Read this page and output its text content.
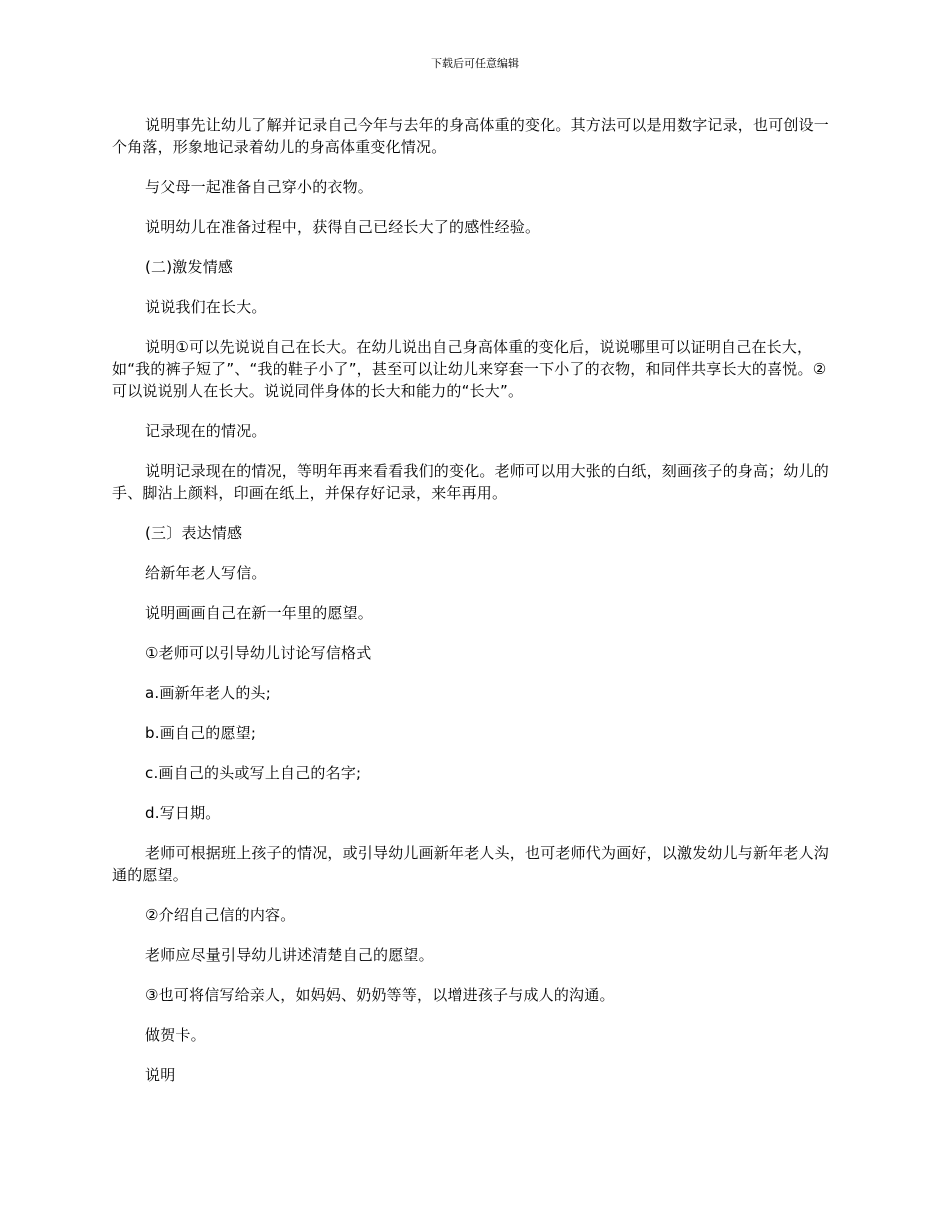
下载后可任意编辑

说明事先让幼儿了解并记录自己今年与去年的身高体重的变化。其方法可以是用数字记录，也可创设一个角落，形象地记录着幼儿的身高体重变化情况。

与父母一起准备自己穿小的衣物。

说明幼儿在准备过程中，获得自己已经长大了的感性经验。

(二)激发情感

说说我们在长大。

说明①可以先说说自己在长大。在幼儿说出自己身高体重的变化后，说说哪里可以证明自己在长大，如“我的裤子短了”、“我的鞋子小了”，甚至可以让幼儿来穿套一下小了的衣物，和同伴共享长大的喜悦。②可以说说别人在长大。说说同伴身体的长大和能力的“长大”。

记录现在的情况。

说明记录现在的情况，等明年再来看看我们的变化。老师可以用大张的白纸，刻画孩子的身高；幼儿的手、脚沾上颜料，印画在纸上，并保存好记录，来年再用。

(三〕表达情感

给新年老人写信。

说明画画自己在新一年里的愿望。

①老师可以引导幼儿讨论写信格式

a.画新年老人的头;

b.画自己的愿望;

c.画自己的头或写上自己的名字;

d.写日期。

老师可根据班上孩子的情况，或引导幼儿画新年老人头，也可老师代为画好，以激发幼儿与新年老人沟通的愿望。

②介绍自己信的内容。

老师应尽量引导幼儿讲述清楚自己的愿望。

③也可将信写给亲人，如妈妈、奶奶等等，以增进孩子与成人的沟通。

做贺卡。

说明
